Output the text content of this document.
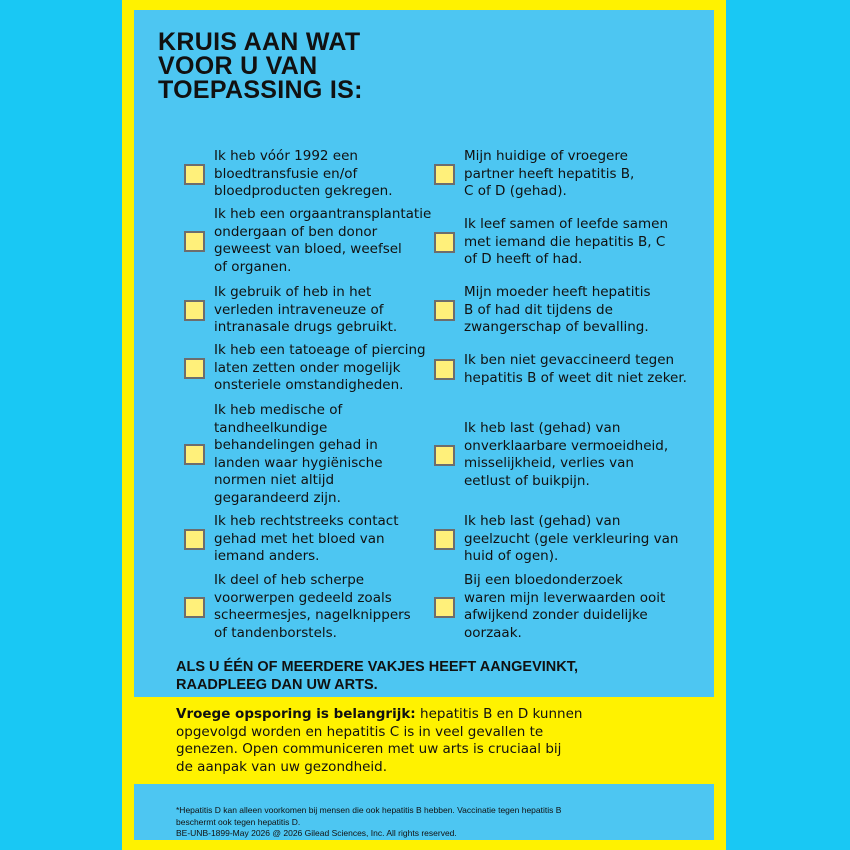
KRUIS AAN WAT
VOOR U VAN
TOEPASSING IS:
Ik heb vóór 1992 een
bloedtransfusie en/of
bloedproducten gekregen.
Ik heb een orgaantransplantatie
ondergaan of ben donor
geweest van bloed, weefsel
of organen.
Ik gebruik of heb in het
verleden intraveneuze of
intranasale drugs gebruikt.
Ik heb een tatoeage of piercing
laten zetten onder mogelijk
onsteriele omstandigheden.
Ik heb medische of
tandheelkundige
behandelingen gehad in
landen waar hygiënische
normen niet altijd
gegarandeerd zijn.
Ik heb rechtstreeks contact
gehad met het bloed van
iemand anders.
Ik deel of heb scherpe
voorwerpen gedeeld zoals
scheermesjes, nagelknippers
of tandenborstels.
Mijn huidige of vroegere
partner heeft hepatitis B,
C of D (gehad).
Ik leef samen of leefde samen
met iemand die hepatitis B, C
of D heeft of had.
Mijn moeder heeft hepatitis
B of had dit tijdens de
zwangerschap of bevalling.
Ik ben niet gevaccineerd tegen
hepatitis B of weet dit niet zeker.
Ik heb last (gehad) van
onverklaarbare vermoeidheid,
misselijkheid, verlies van
eetlust of buikpijn.
Ik heb last (gehad) van
geelzucht (gele verkleuring van
huid of ogen).
Bij een bloedonderzoek
waren mijn leverwaarden ooit
afwijkend zonder duidelijke
oorzaak.
ALS U ÉÉN OF MEERDERE VAKJES HEEFT AANGEVINKT,
RAADPLEEG DAN UW ARTS.
*Hepatitis D kan alleen voorkomen bij mensen die ook hepatitis B hebben. Vaccinatie tegen hepatitis B
beschermt ook tegen hepatitis D.
BE-UNB-1899-May 2026 @ 2026 Gilead Sciences, Inc. All rights reserved.
Vroege opsporing is belangrijk: hepatitis B en D kunnen
opgevolgd worden en hepatitis C is in veel gevallen te
genezen. Open communiceren met uw arts is cruciaal bij
de aanpak van uw gezondheid.
